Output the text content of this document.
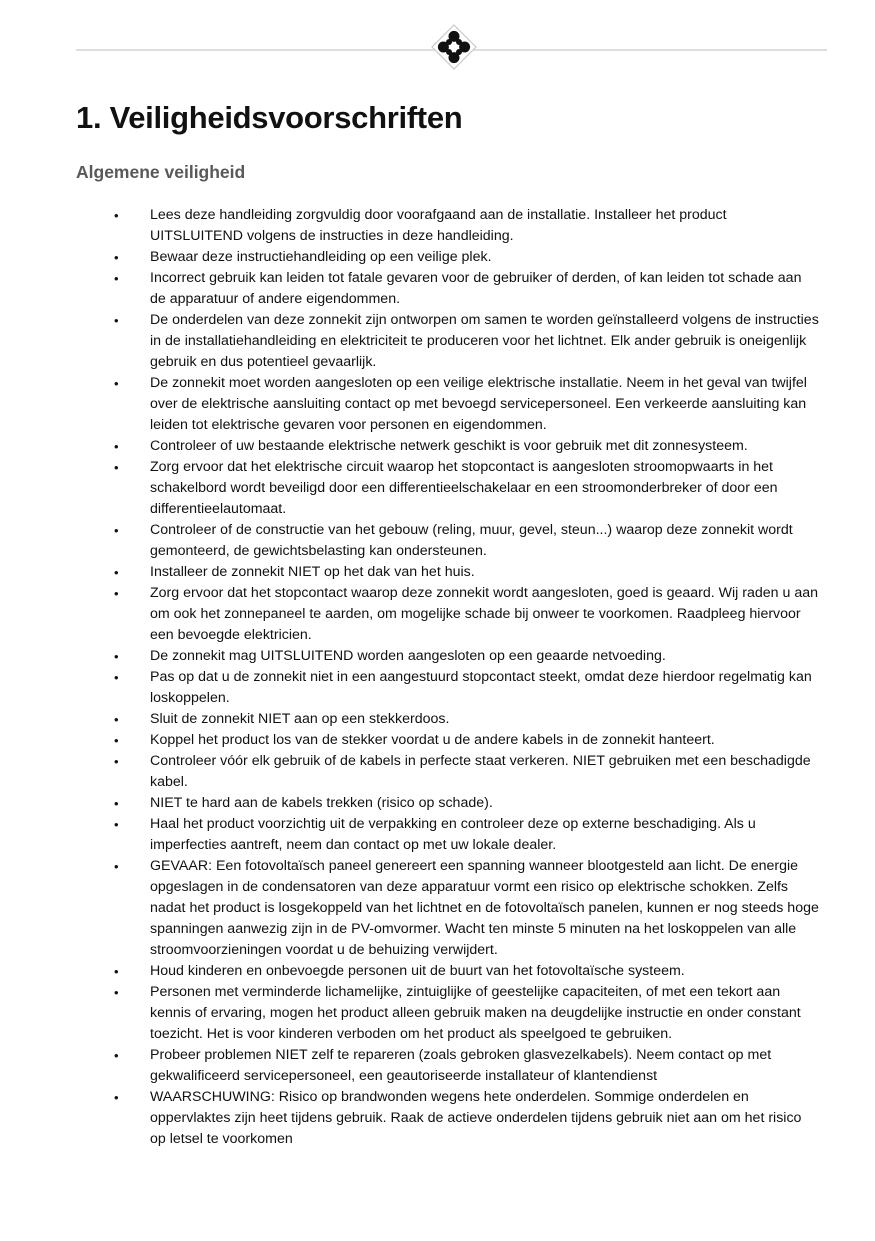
1. Veiligheidsvoorschriften
Algemene veiligheid
•	Lees deze handleiding zorgvuldig door voorafgaand aan de installatie. Installeer het product UITSLUITEND volgens de instructies in deze handleiding.
•	Bewaar deze instructiehandleiding op een veilige plek.
•	Incorrect gebruik kan leiden tot fatale gevaren voor de gebruiker of derden, of kan leiden tot schade aan de apparatuur of andere eigendommen.
•	De onderdelen van deze zonnekit zijn ontworpen om samen te worden geïnstalleerd volgens de instructies in de installatiehandleiding en elektriciteit te produceren voor het lichtnet. Elk ander gebruik is oneigenlijk gebruik en dus potentieel gevaarlijk.
•	De zonnekit moet worden aangesloten op een veilige elektrische installatie. Neem in het geval van twijfel over de elektrische aansluiting contact op met bevoegd servicepersoneel. Een verkeerde aansluiting kan leiden tot elektrische gevaren voor personen en eigendommen.
•	Controleer of uw bestaande elektrische netwerk geschikt is voor gebruik met dit zonnesysteem.
•	Zorg ervoor dat het elektrische circuit waarop het stopcontact is aangesloten stroomopwaarts in het schakelbord wordt beveiligd door een differentieelschakelaar en een stroomonderbreker of door een differentieelautomaat.
•	Controleer of de constructie van het gebouw (reling, muur, gevel, steun...) waarop deze zonnekit wordt gemonteerd, de gewichtsbelasting kan ondersteunen.
•	Installeer de zonnekit NIET op het dak van het huis.
•	Zorg ervoor dat het stopcontact waarop deze zonnekit wordt aangesloten, goed is geaard. Wij raden u aan om ook het zonnepaneel te aarden, om mogelijke schade bij onweer te voorkomen. Raadpleeg hiervoor een bevoegde elektricien.
•	De zonnekit mag UITSLUITEND worden aangesloten op een geaarde netvoeding.
•	Pas op dat u de zonnekit niet in een aangestuurd stopcontact steekt, omdat deze hierdoor regelmatig kan loskoppelen.
•	Sluit de zonnekit NIET aan op een stekkerdoos.
•	Koppel het product los van de stekker voordat u de andere kabels in de zonnekit hanteert.
•	Controleer vóór elk gebruik of de kabels in perfecte staat verkeren. NIET gebruiken met een beschadigde kabel.
•	NIET te hard aan de kabels trekken (risico op schade).
•	Haal het product voorzichtig uit de verpakking en controleer deze op externe beschadiging. Als u imperfecties aantreft, neem dan contact op met uw lokale dealer.
•	GEVAAR: Een fotovoltaïsch paneel genereert een spanning wanneer blootgesteld aan licht. De energie opgeslagen in de condensatoren van deze apparatuur vormt een risico op elektrische schokken. Zelfs nadat het product is losgekoppeld van het lichtnet en de fotovoltaïsch panelen, kunnen er nog steeds hoge spanningen aanwezig zijn in de PV-omvormer. Wacht ten minste 5 minuten na het loskoppelen van alle stroomvoorzieningen voordat u de behuizing verwijdert.
•	Houd kinderen en onbevoegde personen uit de buurt van het fotovoltaïsche systeem.
•	Personen met verminderde lichamelijke, zintuiglijke of geestelijke capaciteiten, of met een tekort aan kennis of ervaring, mogen het product alleen gebruik maken na deugdelijke instructie en onder constant toezicht. Het is voor kinderen verboden om het product als speelgoed te gebruiken.
•	Probeer problemen NIET zelf te repareren (zoals gebroken glasvezelkabels). Neem contact op met gekwalificeerd servicepersoneel, een geautoriseerde installateur of klantendienst
•	WAARSCHUWING: Risico op brandwonden wegens hete onderdelen. Sommige onderdelen en oppervlaktes zijn heet tijdens gebruik. Raak de actieve onderdelen tijdens gebruik niet aan om het risico op letsel te voorkomen
